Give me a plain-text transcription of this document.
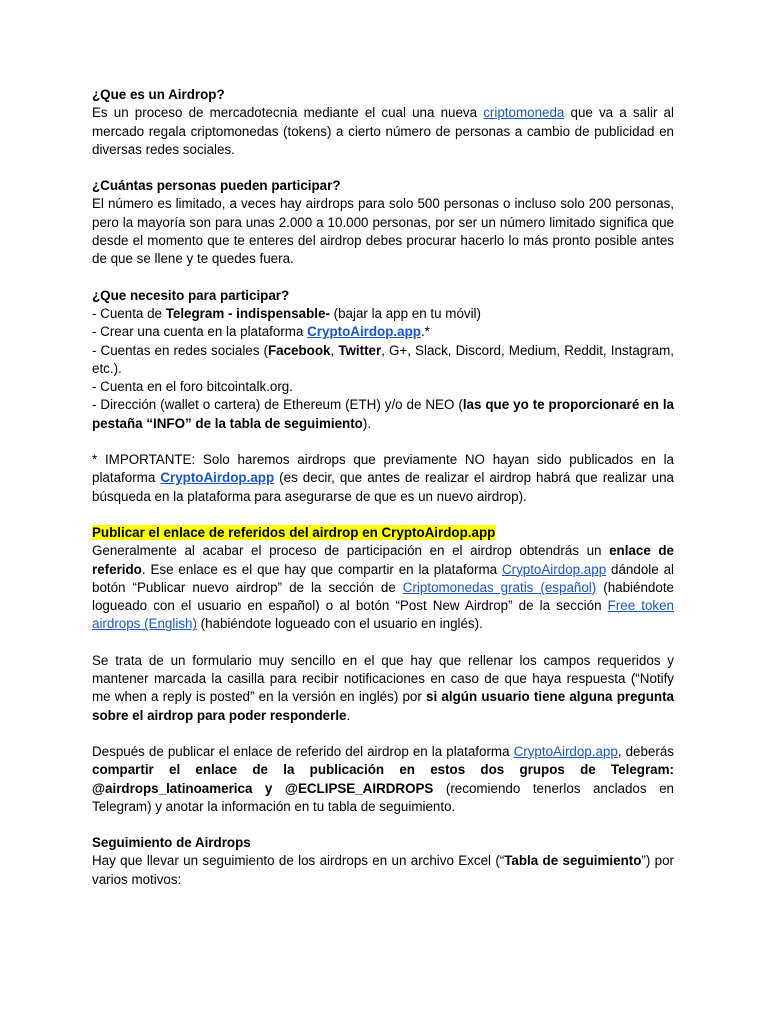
¿Que es un Airdrop?

Es un proceso de mercadotecnia mediante el cual una nueva criptomoneda que va a salir al mercado regala criptomonedas (tokens) a cierto número de personas a cambio de publicidad en diversas redes sociales.

¿Cuántas personas pueden participar?

El número es limitado, a veces hay airdrops para solo 500 personas o incluso solo 200 personas, pero la mayoría son para unas 2.000 a 10.000 personas, por ser un número limitado significa que desde el momento que te enteres del airdrop debes procurar hacerlo lo más pronto posible antes de que se llene y te quedes fuera.

¿Que necesito para participar?
- Cuenta de Telegram - indispensable- (bajar la app en tu móvil)
- Crear una cuenta en la plataforma CryptoAirdop.app.*

- Cuentas en redes sociales (Facebook, Twitter, G+, Slack, Discord, Medium, Reddit, Instagram, etc.).

- Cuenta en el foro bitcointalk.org.

- Dirección (wallet o cartera) de Ethereum (ETH) y/o de NEO (las que yo te proporcionaré en la pestaña “INFO” de la tabla de seguimiento).

* IMPORTANTE: Solo haremos airdrops que previamente NO hayan sido publicados en la plataforma CryptoAirdop.app (es decir, que antes de realizar el airdrop habrá que realizar una búsqueda en la plataforma para asegurarse de que es un nuevo airdrop).

Publicar el enlace de referidos del airdrop en CryptoAirdop.app

Generalmente al acabar el proceso de participación en el airdrop obtendrás un enlace de referido. Ese enlace es el que hay que compartir en la plataforma CryptoAirdop.app dándole al botón “Publicar nuevo airdrop” de la sección de Criptomonedas gratis (español) (habiéndote logueado con el usuario en español) o al botón “Post New Airdrop” de la sección Free token airdrops (English) (habiéndote logueado con el usuario en inglés).

Se trata de un formulario muy sencillo en el que hay que rellenar los campos requeridos y mantener marcada la casilla para recibir notificaciones en caso de que haya respuesta (“Notify me when a reply is posted” en la versión en inglés) por si algún usuario tiene alguna pregunta sobre el airdrop para poder responderle.

Después de publicar el enlace de referido del airdrop en la plataforma CryptoAirdop.app, deberás compartir el enlace de la publicación en estos dos grupos de Telegram: @airdrops_latinoamerica y @ECLIPSE_AIRDROPS (recomiendo tenerlos anclados en Telegram) y anotar la información en tu tabla de seguimiento.

Seguimiento de Airdrops

Hay que llevar un seguimiento de los airdrops en un archivo Excel (“Tabla de seguimiento”) por varios motivos:
